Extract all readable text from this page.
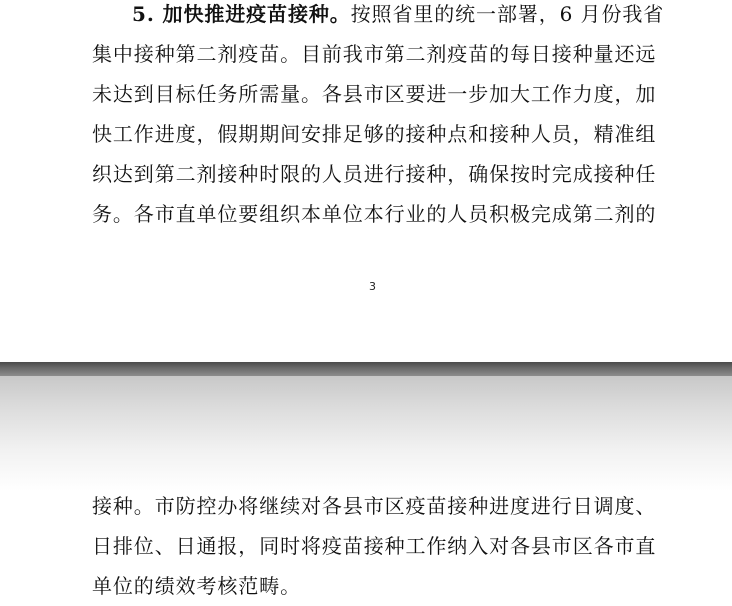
5. 加快推进疫苗接种。按照省里的统一部署，6 月份我省
集中接种第二剂疫苗。目前我市第二剂疫苗的每日接种量还远
未达到目标任务所需量。各县市区要进一步加大工作力度，加
快工作进度，假期期间安排足够的接种点和接种人员，精准组
织达到第二剂接种时限的人员进行接种，确保按时完成接种任
务。各市直单位要组织本单位本行业的人员积极完成第二剂的
3
接种。市防控办将继续对各县市区疫苗接种进度进行日调度、
日排位、日通报，同时将疫苗接种工作纳入对各县市区各市直
单位的绩效考核范畴。
